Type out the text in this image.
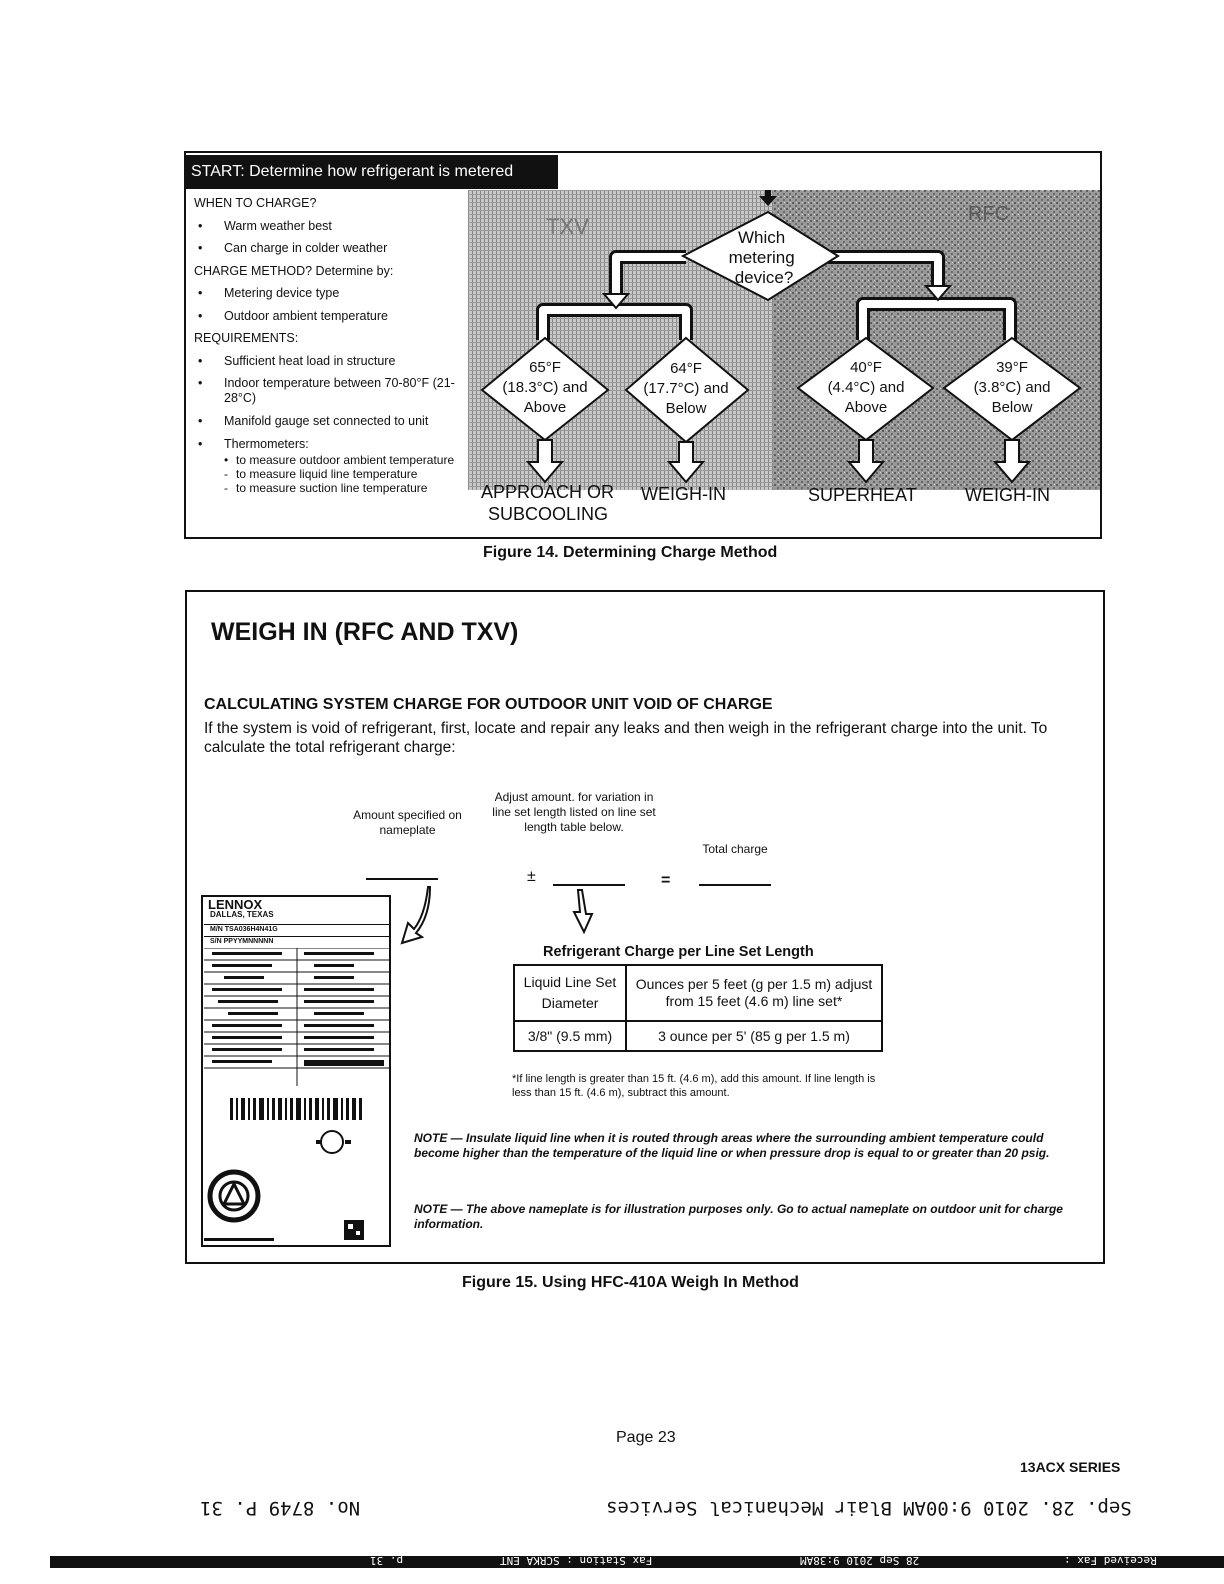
START: Determine how refrigerant is metered
WHEN TO CHARGE?
• Warm weather best
• Can charge in colder weather
CHARGE METHOD? Determine by:
• Metering device type
• Outdoor ambient temperature
REQUIREMENTS:
• Sufficient heat load in structure
•	Indoor temperature between 70-80°F (21-28°C)
• Manifold gauge set connected to unit
• Thermometers:
• to measure outdoor ambient temperature
- to measure liquid line temperature
- to measure suction line temperature
TXV	RFC
Which metering device?
65°F (18.3°C) and Above
64°F (17.7°C) and Below
40°F (4.4°C) and Above
39°F (3.8°C) and Below
APPROACH OR
SUBCOOLING
WEIGH-IN	SUPERHEAT	WEIGH-IN
Figure 14. Determining Charge Method
WEIGH IN (RFC AND TXV)
CALCULATING SYSTEM CHARGE FOR OUTDOOR UNIT VOID OF CHARGE
If the system is void of refrigerant, first, locate and repair any leaks and then weigh in the refrigerant charge into the unit. To calculate the total refrigerant charge:
Amount specified on nameplate
Adjust amount. for variation in line set length listed on line set length table below.
Total charge
±	=
Refrigerant Charge per Line Set Length
Liquid Line Set Diameter	Ounces per 5 feet (g per 1.5 m) adjust from 15 feet (4.6 m) line set*
3/8" (9.5 mm)	3 ounce per 5' (85 g per 1.5 m)
*If line length is greater than 15 ft. (4.6 m), add this amount. If line length is less than 15 ft. (4.6 m), subtract this amount.
NOTE — Insulate liquid line when it is routed through areas where the surrounding ambient temperature could become higher than the temperature of the liquid line or when pressure drop is equal to or greater than 20 psig.
NOTE — The above nameplate is for illustration purposes only. Go to actual nameplate on outdoor unit for charge information.
LENNOX
DALLAS, TEXAS
M/N TSA036H4N41G
S/N PPYYMNNNNN
Figure 15. Using HFC-410A Weigh In Method
Page 23
13ACX SERIES
No. 8749 P. 31	Blair Mechanical Services Sep. 28. 2010 9:00AM
Received Fax :
28 Sep 2010 9:38AM
Fax Station : SCRKA ENT
p. 31
